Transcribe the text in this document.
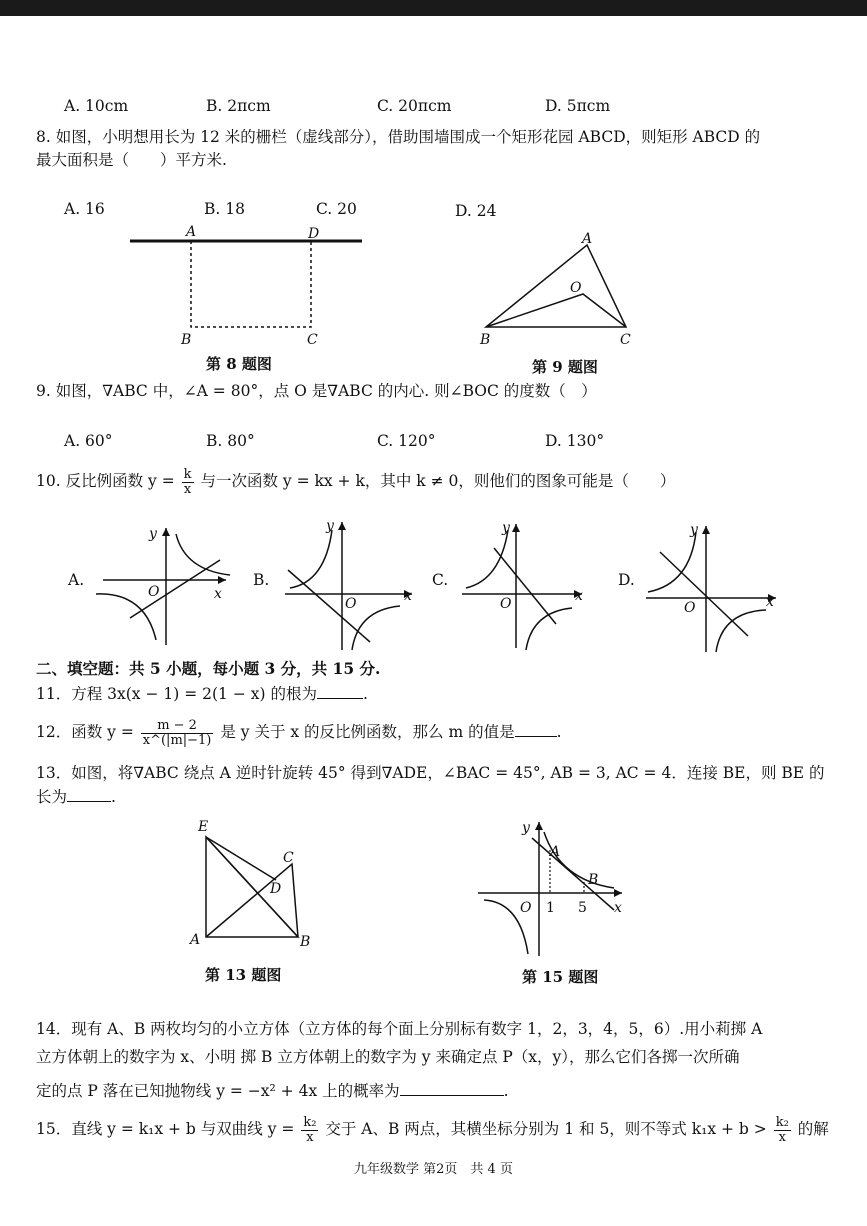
A. 10cm	B. 2πcm	C. 20πcm	D. 5πcm
8. 如图，小明想用长为 12 米的栅栏（虚线部分），借助围墙围成一个矩形花园 ABCD，则矩形 ABCD 的
最大面积是（　　）平方米.
A. 16	B. 18	C. 20	D. 24
A	D
B	C
第 8 题图
A
O
B	C
第 9 题图
9. 如图，∇ABC 中，∠A = 80°，点 O 是∇ABC 的内心. 则∠BOC 的度数（　）
A. 60°	B. 80°	C. 120°	D. 130°
10. 反比例函数 $y = \frac{k}{x}$ 与一次函数 y = kx + k，其中 k ≠ 0，则他们的图象可能是（　　）
A.	B.	C.	D.
y
x
O
y
x
O
y
x
O
y
x
O
二、填空题：共 5 小题，每小题 3 分，共 15 分.
11．方程 3x(x − 1) = 2(1 − x) 的根为	.
12．函数 $y = \frac{m - 2}{x\^{}(|m|-1)}$ 是 y 关于 x 的反比例函数，那么 m 的值是	.
13．如图，将∇ABC 绕点 A 逆时针旋转 45° 得到∇ADE，∠BAC = 45°, AB = 3, AC = 4．连接 BE，则 BE 的
长为	.
E
C
D
A	B
第 13 题图
y
x
O 1 5
A
B
第 15 题图
14．现有 A、B 两枚均匀的小立方体（立方体的每个面上分别标有数字 1，2，3，4，5，6）.用小莉掷 A
立方体朝上的数字为 x、小明 掷 B 立方体朝上的数字为 y 来确定点 P（x，y），那么它们各掷一次所确
定的点 P 落在已知抛物线 y = −x² + 4x 上的概率为	.
15．直线 y = k₁x + b 与双曲线 $y = \frac{\text{k₂}}{x}$ 交于 A、B 两点，其横坐标分别为 1 和 5，则不等式 $k_1x + b > \frac{\text{k₂}}{x}$ 的解
九年级数学 第2页　共 4 页
